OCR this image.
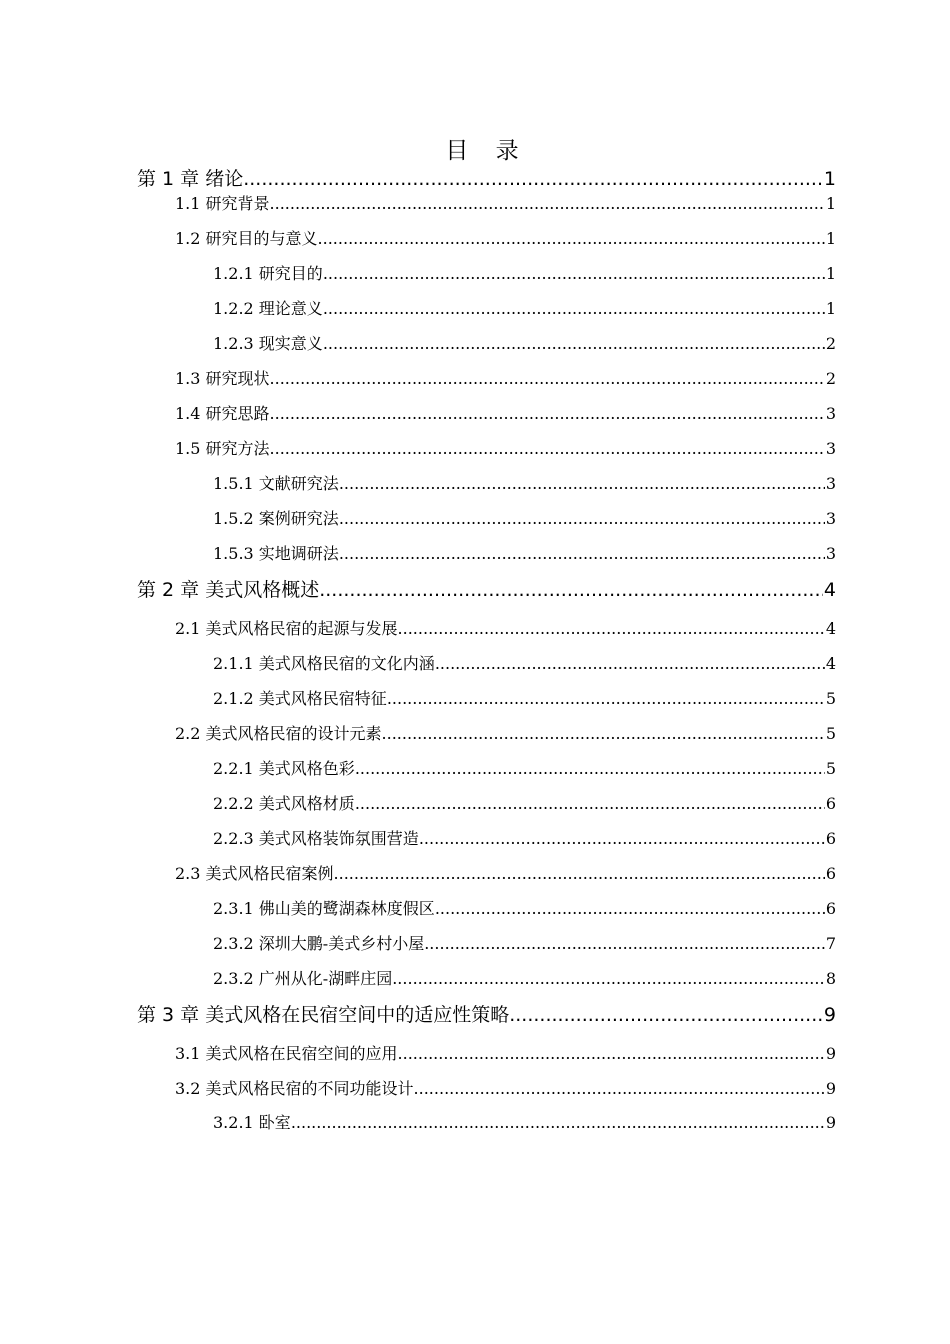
目 录
第 1 章 绪论 .....	1
1.1 研究背景 .....	1
1.2 研究目的与意义 .....	1
1.2.1 研究目的 .....	1
1.2.2 理论意义 .....	1
1.2.3 现实意义 .....	2
1.3 研究现状 .....	2
1.4 研究思路 .....	3
1.5 研究方法 .....	3
1.5.1 文献研究法 .....	3
1.5.2 案例研究法 .....	3
1.5.3 实地调研法 .....	3
第 2 章 美式风格概述 .....	4
2.1 美式风格民宿的起源与发展 .....	4
2.1.1 美式风格民宿的文化内涵 .....	4
2.1.2 美式风格民宿特征 .....	5
2.2 美式风格民宿的设计元素 .....	5
2.2.1 美式风格色彩 .....	5
2.2.2 美式风格材质 .....	6
2.2.3 美式风格装饰氛围营造 .....	6
2.3 美式风格民宿案例 .....	6
2.3.1 佛山美的鹭湖森林度假区 .....	6
2.3.2 深圳大鹏-美式乡村小屋 .....	7
2.3.2 广州从化-湖畔庄园 .....	8
第 3 章 美式风格在民宿空间中的适应性策略 .....	9
3.1 美式风格在民宿空间的应用 .....	9
3.2 美式风格民宿的不同功能设计 .....	9
3.2.1 卧室 .....	9
